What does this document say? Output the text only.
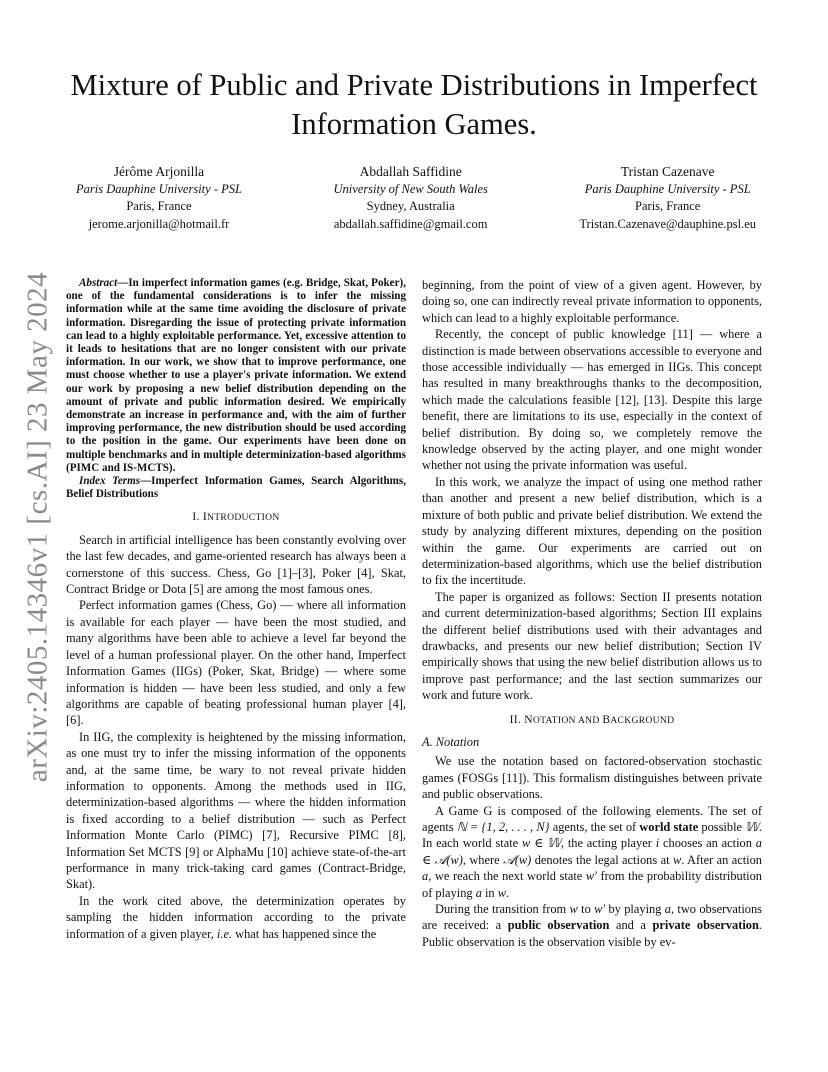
arXiv:2405.14346v1 [cs.AI] 23 May 2024
Mixture of Public and Private Distributions in Imperfect Information Games.
Jérôme Arjonilla
Paris Dauphine University - PSL
Paris, France
jerome.arjonilla@hotmail.fr
Abdallah Saffidine
University of New South Wales
Sydney, Australia
abdallah.saffidine@gmail.com
Tristan Cazenave
Paris Dauphine University - PSL
Paris, France
Tristan.Cazenave@dauphine.psl.eu

Abstract—In imperfect information games (e.g. Bridge, Skat, Poker), one of the fundamental considerations is to infer the missing information while at the same time avoiding the disclosure of private information. Disregarding the issue of protecting private information can lead to a highly exploitable performance. Yet, excessive attention to it leads to hesitations that are no longer consistent with our private information. In our work, we show that to improve performance, one must choose whether to use a player's private information. We extend our work by proposing a new belief distribution depending on the amount of private and public information desired. We empirically demonstrate an increase in performance and, with the aim of further improving performance, the new distribution should be used according to the position in the game. Our experiments have been done on multiple benchmarks and in multiple determinization-based algorithms (PIMC and IS-MCTS).

Index Terms—Imperfect Information Games, Search Algorithms, Belief Distributions

I. INTRODUCTION

Search in artificial intelligence has been constantly evolving over the last few decades, and game-oriented research has always been a cornerstone of this success. Chess, Go [1]–[3], Poker [4], Skat, Contract Bridge or Dota [5] are among the most famous ones.

Perfect information games (Chess, Go) — where all information is available for each player — have been the most studied, and many algorithms have been able to achieve a level far beyond the level of a human professional player. On the other hand, Imperfect Information Games (IIGs) (Poker, Skat, Bridge) — where some information is hidden — have been less studied, and only a few algorithms are capable of beating professional human player [4], [6].

In IIG, the complexity is heightened by the missing information, as one must try to infer the missing information of the opponents and, at the same time, be wary to not reveal private hidden information to opponents. Among the methods used in IIG, determinization-based algorithms — where the hidden information is fixed according to a belief distribution — such as Perfect Information Monte Carlo (PIMC) [7], Recursive PIMC [8], Information Set MCTS [9] or AlphaMu [10] achieve state-of-the-art performance in many trick-taking card games (Contract-Bridge, Skat).

In the work cited above, the determinization operates by sampling the hidden information according to the private information of a given player, i.e. what has happened since the

beginning, from the point of view of a given agent. However, by doing so, one can indirectly reveal private information to opponents, which can lead to a highly exploitable performance.

Recently, the concept of public knowledge [11] — where a distinction is made between observations accessible to everyone and those accessible individually — has emerged in IIGs. This concept has resulted in many breakthroughs thanks to the decomposition, which made the calculations feasible [12], [13]. Despite this large benefit, there are limitations to its use, especially in the context of belief distribution. By doing so, we completely remove the knowledge observed by the acting player, and one might wonder whether not using the private information was useful.

In this work, we analyze the impact of using one method rather than another and present a new belief distribution, which is a mixture of both public and private belief distribution. We extend the study by analyzing different mixtures, depending on the position within the game. Our experiments are carried out on determinization-based algorithms, which use the belief distribution to fix the incertitude.

The paper is organized as follows: Section II presents notation and current determinization-based algorithms; Section III explains the different belief distributions used with their advantages and drawbacks, and presents our new belief distribution; Section IV empirically shows that using the new belief distribution allows us to improve past performance; and the last section summarizes our work and future work.

II. NOTATION AND BACKGROUND
A. Notation

We use the notation based on factored-observation stochastic games (FOSGs [11]). This formalism distinguishes between private and public observations.

A Game G is composed of the following elements. The set of agents ℕ = {1, 2, . . . , N} agents, the set of world state possible 𝕎. In each world state w ∈ 𝕎, the acting player i chooses an action a ∈ 𝒜(w), where 𝒜(w) denotes the legal actions at w. After an action a, we reach the next world state w′ from the probability distribution of playing a in w.

During the transition from w to w′ by playing a, two observations are received: a public observation and a private observation. Public observation is the observation visible by ev-
